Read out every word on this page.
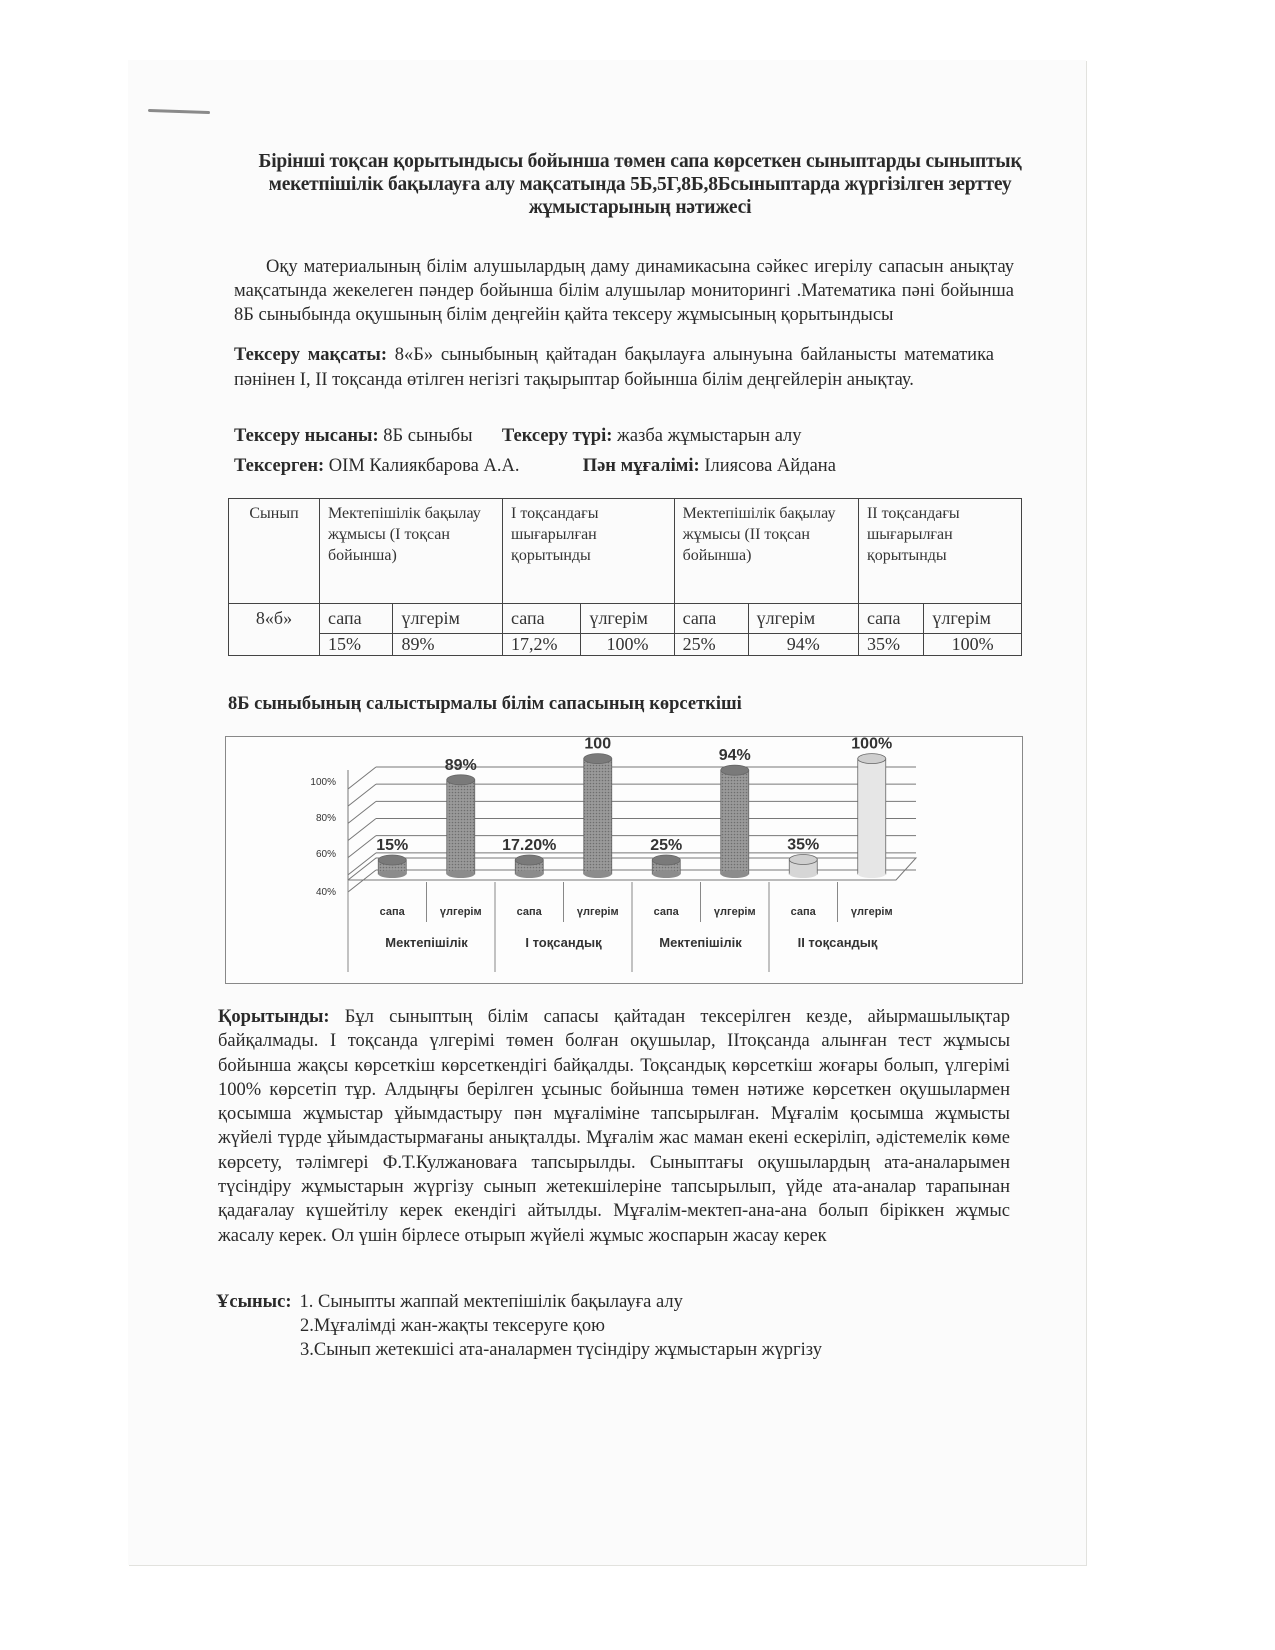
Бірінші тоқсан қорытындысы бойынша төмен сапа көрсеткен сыныптарды сыныптық мекетпішілік бақылауға алу мақсатында 5Б,5Г,8Б,8Бсыныптарда жүргізілген зерттеу жұмыстарының нәтижесі
Оқу материалының білім алушылардың даму динамикасына сәйкес игерілу сапасын анықтау мақсатында жекелеген пәндер бойынша білім алушылар мониторингі .Математика пәні бойынша 8Б сыныбында оқушының білім деңгейін қайта тексеру жұмысының қорытындысы
Тексеру мақсаты: 8«Б» сыныбының қайтадан бақылауға алынуына байланысты математика пәнінен I, II тоқсанда өтілген негізгі тақырыптар бойынша білім деңгейлерін анықтау.
Тексеру нысаны: 8Б сыныбы Тексеру түрі: жазба жұмыстарын алу
Тексерген: ОІМ Калиякбарова А.А.	Пән мұғалімі: Ілиясова Айдана
Сынып	Мектепішілік бақылау жұмысы (І тоқсан бойынша)		І тоқсандағы шығарылған қорытынды		Мектепішілік бақылау жұмысы (ІІ тоқсан бойынша)		ІІ тоқсандағы шығарылған қорытынды	
8«б»	сапа	үлгерім	сапа	үлгерім	сапа	үлгерім	сапа	үлгерім
	15%	89%	17,2%	100%	25%	94%	35%	100%
8Б сыныбының салыстырмалы білім сапасының көрсеткіші
40%
60%
80%
100%
15%
сапа
89%
үлгерім
17.20%
сапа
100
үлгерім
25%
сапа
94%
үлгерім
35%
сапа
100%
үлгерім
Мектепішілік	І тоқсандық	Мектепішілік	ІІ тоқсандық
Қорытынды: Бұл сыныптың білім сапасы қайтадан тексерілген кезде, айырмашылықтар байқалмады. І тоқсанда үлгерімі төмен болған оқушылар, ІІтоқсанда алынған тест жұмысы бойынша жақсы көрсеткіш көрсеткендігі байқалды. Тоқсандық көрсеткіш жоғары болып, үлгерімі 100% көрсетіп тұр. Алдыңғы берілген ұсыныс бойынша төмен нәтиже көрсеткен оқушылармен қосымша жұмыстар ұйымдастыру пән мұғаліміне тапсырылған. Мұғалім қосымша жұмысты жүйелі түрде ұйымдастырмағаны анықталды. Мұғалім жас маман екені ескеріліп, әдістемелік көме көрсету, тәлімгері Ф.Т.Кулжановаға тапсырылды. Сыныптағы оқушылардың ата-аналарымен түсіндіру жұмыстарын жүргізу сынып жетекшілеріне тапсырылып, үйде ата-аналар тарапынан қадағалау күшейтілу керек екендігі айтылды. Мұғалім-мектеп-ана-ана болып біріккен жұмыс жасалу керек. Ол үшін бірлесе отырып жүйелі жұмыс жоспарын жасау керек
Ұсыныс: 1. Сыныпты жаппай мектепішілік бақылауға алу
2.Мұғалімді жан-жақты тексеруге қою
3.Сынып жетекшісі ата-аналармен түсіндіру жұмыстарын жүргізу
